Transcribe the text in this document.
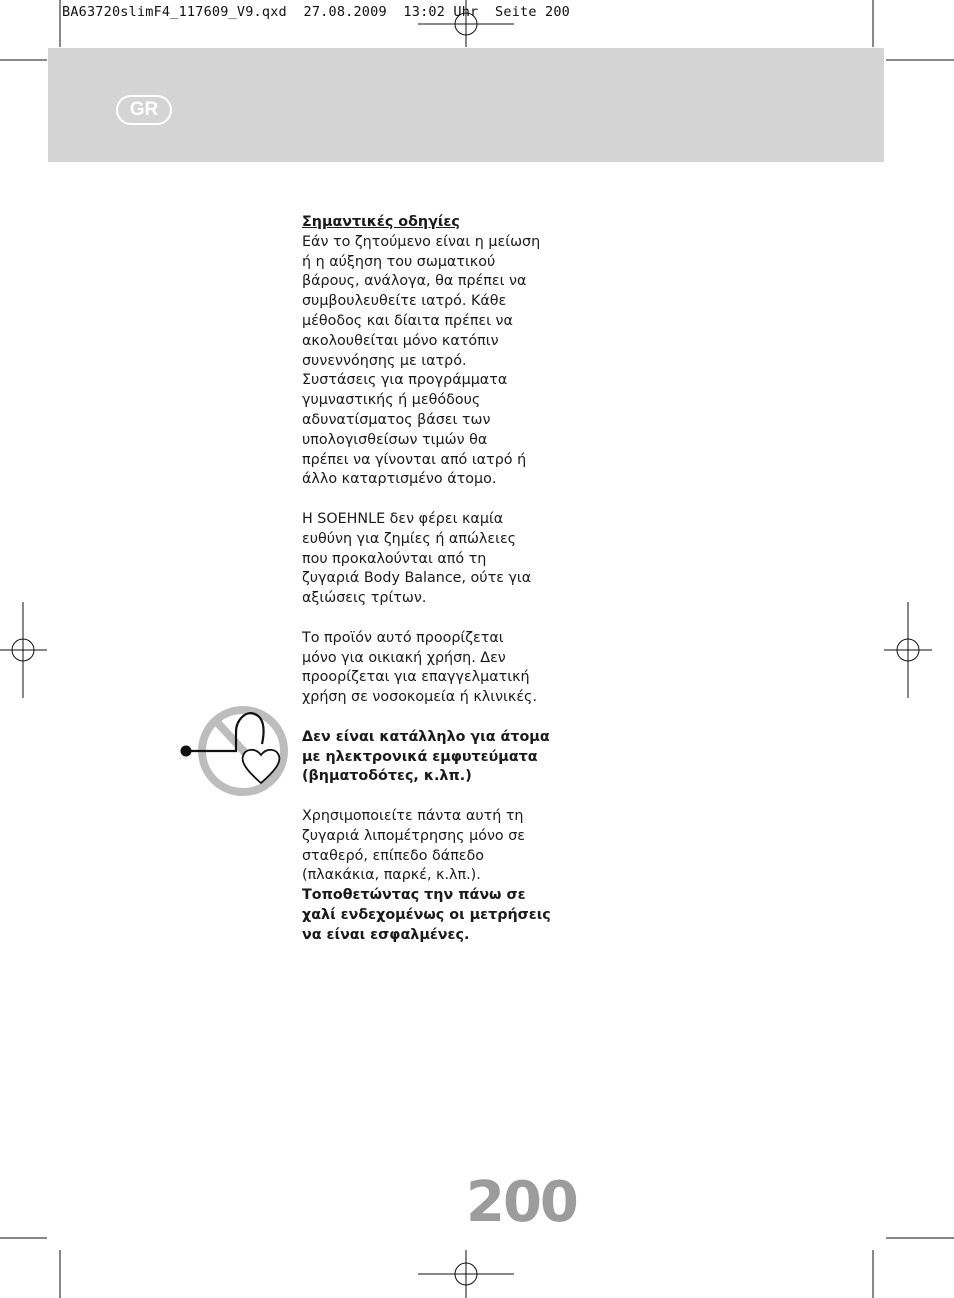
BA63720slimF4_117609_V9.qxd  27.08.2009  13:02 Uhr  Seite 200
GR
Σημαντικές οδηγίες
Εάν το ζητούμενο είναι η μείωση
ή η αύξηση του σωματικού
βάρους, ανάλογα, θα πρέπει να
συμβουλευθείτε ιατρό. Κάθε
μέθοδος και δίαιτα πρέπει να
ακολουθείται μόνο κατόπιν
συνεννόησης με ιατρό.
Συστάσεις για προγράμματα
γυμναστικής ή μεθόδους
αδυνατίσματος βάσει των
υπολογισθείσων τιμών θα
πρέπει να γίνονται από ιατρό ή
άλλο καταρτισμένο άτομο.
Η SOEHNLE δεν φέρει καμία
ευθύνη για ζημίες ή απώλειες
που προκαλούνται από τη
ζυγαριά Body Balance, ούτε για
αξιώσεις τρίτων.
Το προϊόν αυτό προορίζεται
μόνο για οικιακή χρήση. Δεν
προορίζεται για επαγγελματική
χρήση σε νοσοκομεία ή κλινικές.
Δεν είναι κατάλληλο για άτομα
με ηλεκτρονικά εμφυτεύματα
(βηματοδότες, κ.λπ.)
Χρησιμοποιείτε πάντα αυτή τη
ζυγαριά λιπομέτρησης μόνο σε
σταθερό, επίπεδο δάπεδο
(πλακάκια, παρκέ, κ.λπ.).
Τοποθετώντας την πάνω σε
χαλί ενδεχομένως οι μετρήσεις
να είναι εσφαλμένες.
200
